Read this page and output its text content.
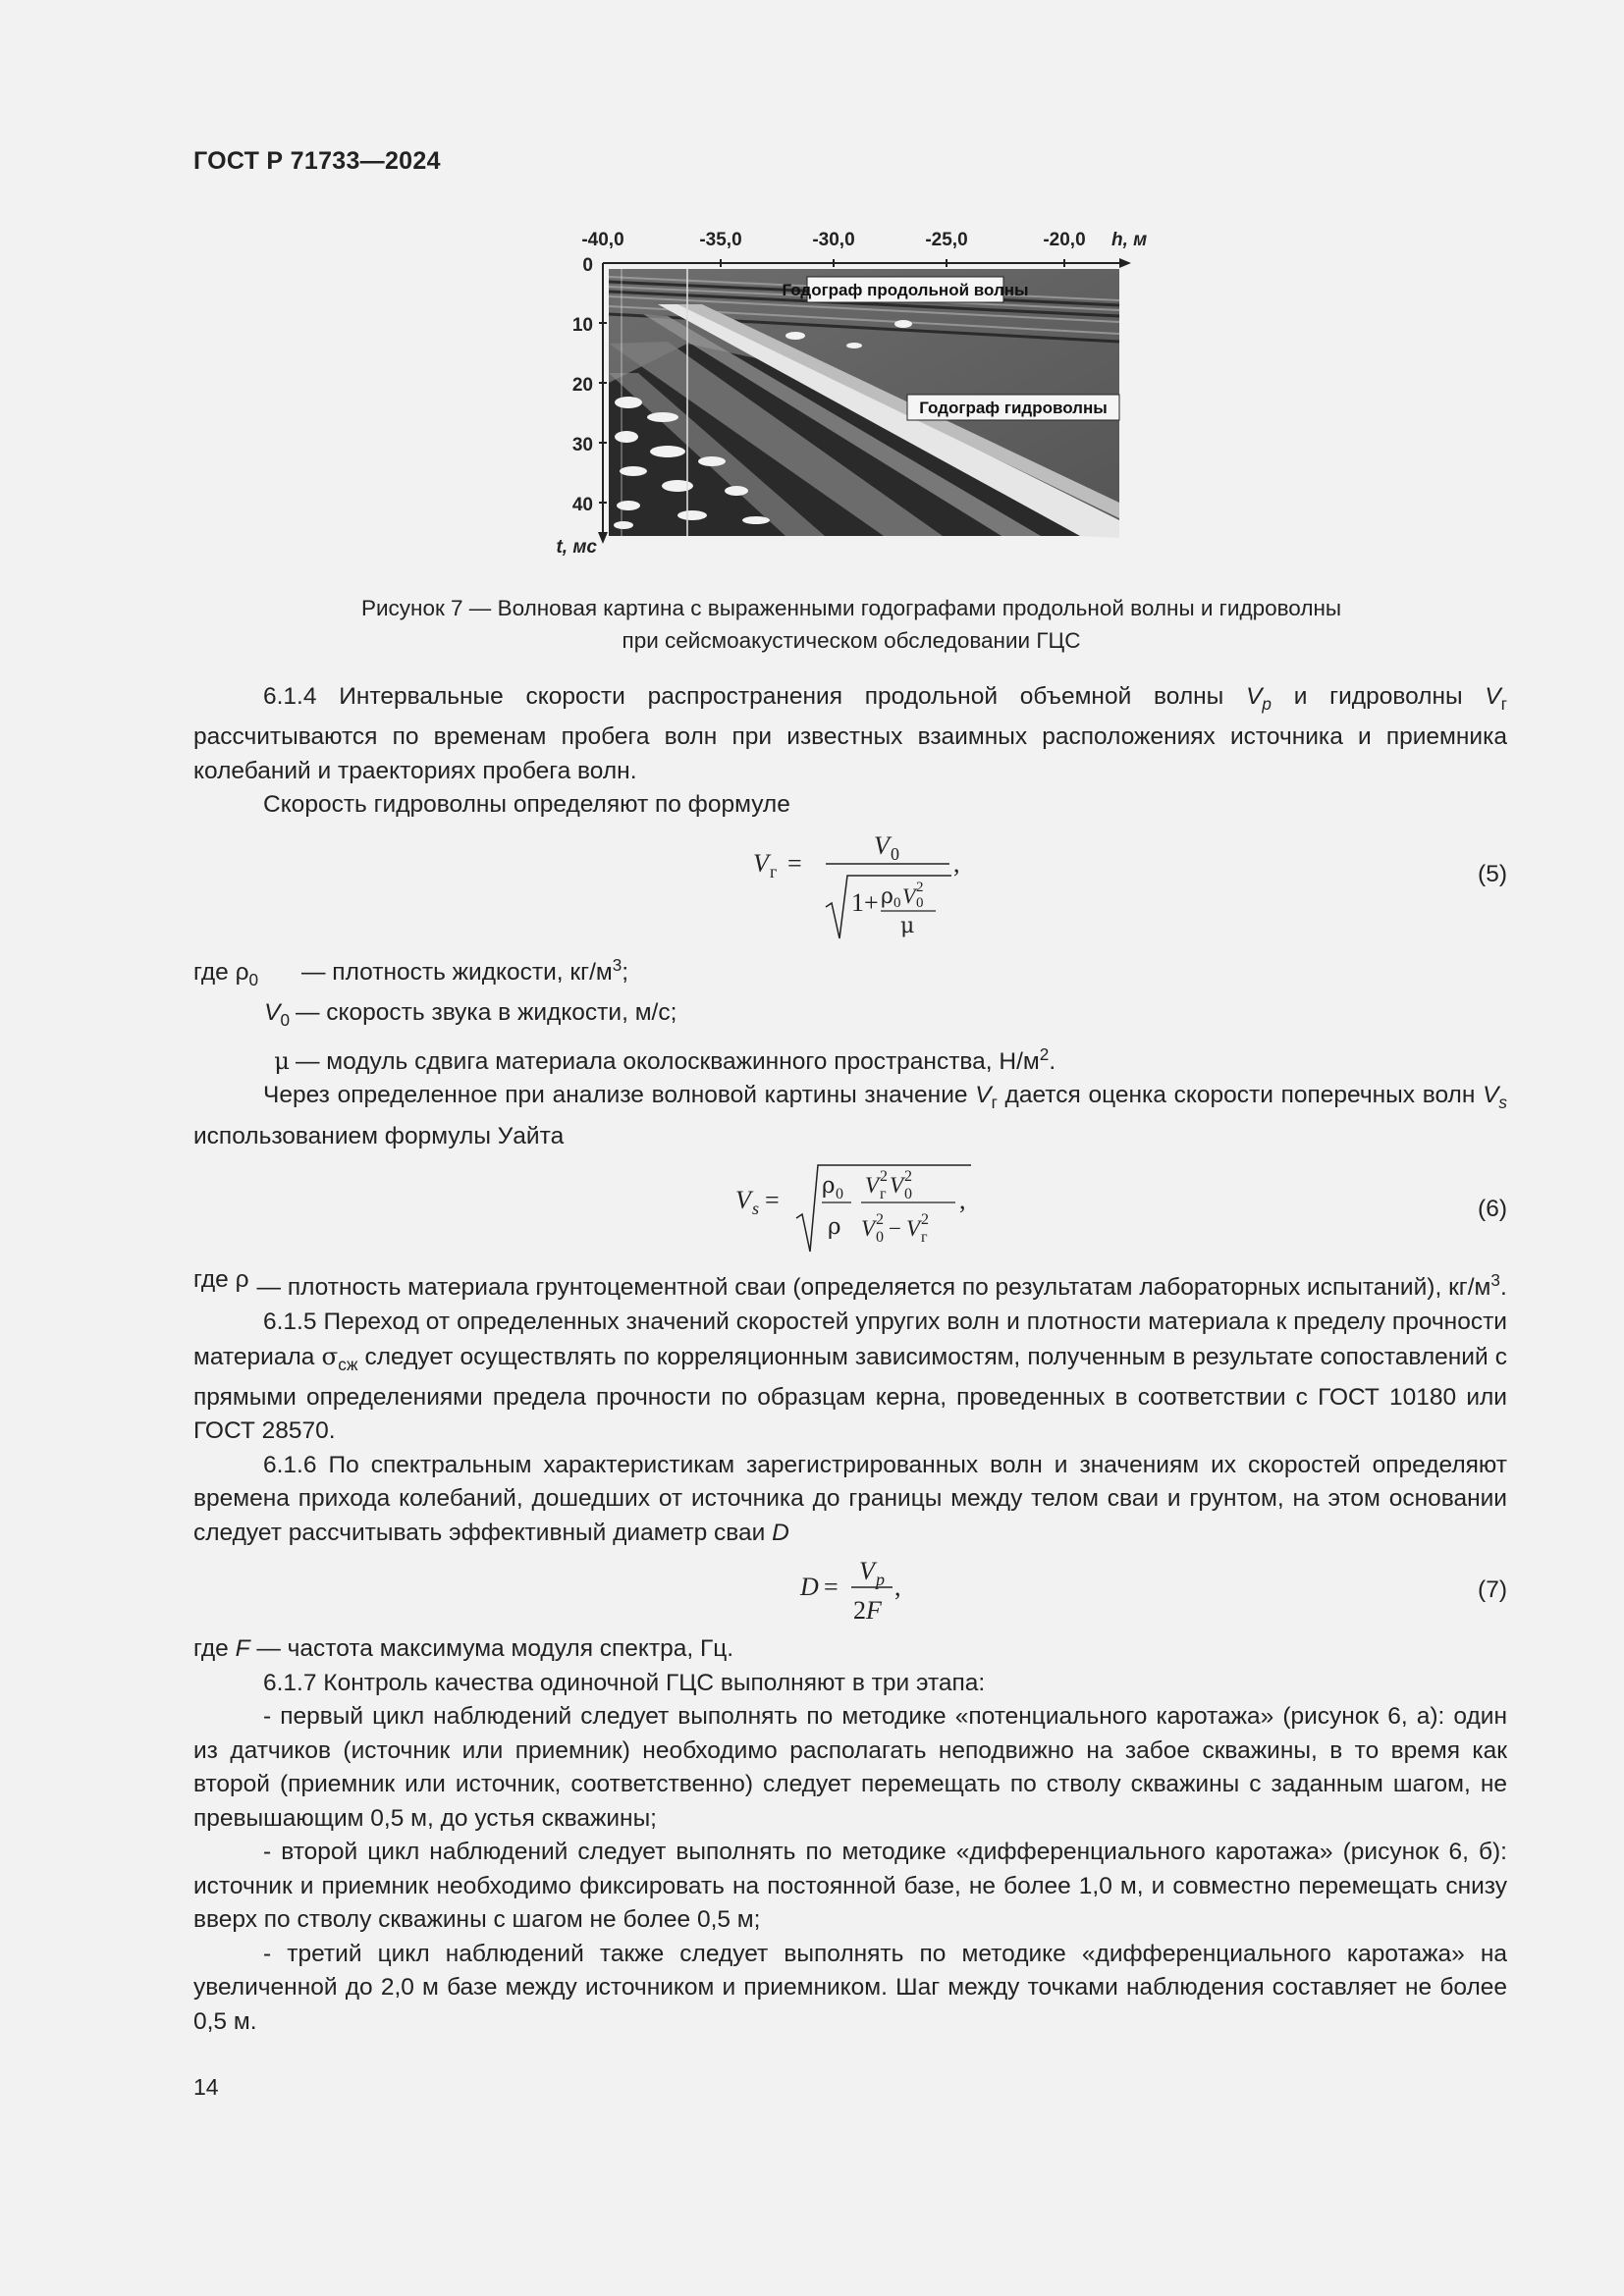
ГОСТ Р 71733—2024
-40,0	-35,0	-30,0	-25,0	-20,0 h, м
0
10
20
30
40
t, мс
Годограф продольной волны
Годограф гидроволны
Рисунок 7 — Волновая картина с выраженными годографами продольной волны и гидроволны
при сейсмоакустическом обследовании ГЦС

6.1.4 Интервальные скорости распространения продольной объемной волны $V_p$ и гидроволны $V_г$ рассчитываются по временам пробега волн при известных взаимных расположениях источника и приемника колебаний и траекториях пробега волн.

Скорость гидроволны определяют по формуле

V г =
V 0
1+ ρ 0 V 0
2
μ
,	(5)
где $\rho_0$	— плотность жидкости, $кг/м^3$;
$V_0$ — скорость звука в жидкости, м/с;
μ — модуль сдвига материала околоскважинного пространства, $Н/м^2$.

Через определенное при анализе волновой картины значение $V_г$ дается оценка скорости поперечных волн $V_s$ использованием формулы Уайта

V s = ρ 0
ρ
V г
2 V 0
2
V 0
2 − V г
2
,	(6)
где ρ — плотность материала грунтоцементной сваи (определяется по результатам лабораторных испытаний), $кг/м^3$.

6.1.5 Переход от определенных значений скоростей упругих волн и плотности материала к пределу прочности материала $\sigma_{сж}$ следует осуществлять по корреляционным зависимостям, полученным в результате сопоставлений с прямыми определениями предела прочности по образцам керна, проведенных в соответствии с ГОСТ 10180 или ГОСТ 28570.

6.1.6 По спектральным характеристикам зарегистрированных волн и значениям их скоростей определяют времена прихода колебаний, дошедших от источника до границы между телом сваи и грунтом, на этом основании следует рассчитывать эффективный диаметр сваи D

D =
V p
2F
,	(7)

где F — частота максимума модуля спектра, Гц.

6.1.7 Контроль качества одиночной ГЦС выполняют в три этапа:

- первый цикл наблюдений следует выполнять по методике «потенциального каротажа» (рисунок 6, а): один из датчиков (источник или приемник) необходимо располагать неподвижно на забое скважины, в то время как второй (приемник или источник, соответственно) следует перемещать по стволу скважины с заданным шагом, не превышающим 0,5 м, до устья скважины;

- второй цикл наблюдений следует выполнять по методике «дифференциального каротажа» (рисунок 6, б): источник и приемник необходимо фиксировать на постоянной базе, не более 1,0 м, и совместно перемещать снизу вверх по стволу скважины с шагом не более 0,5 м;

- третий цикл наблюдений также следует выполнять по методике «дифференциального каротажа» на увеличенной до 2,0 м базе между источником и приемником. Шаг между точками наблюдения составляет не более 0,5 м.

14
